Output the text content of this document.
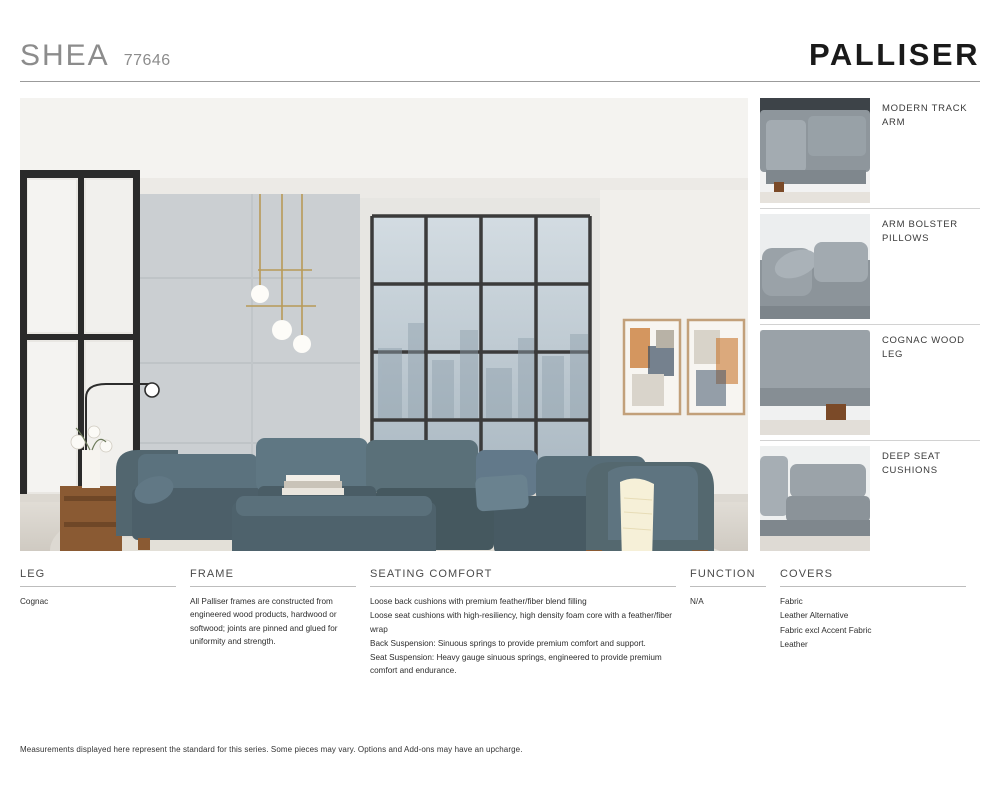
SHEA 77646	PALLISER
MODERN TRACK ARM
ARM BOLSTER PILLOWS
COGNAC WOOD LEG
DEEP SEAT CUSHIONS
LEG

Cognac

FRAME

All Palliser frames are constructed from engineered wood products, hardwood or softwood; joints are pinned and glued for uniformity and strength.

SEATING COMFORT

Loose back cushions with premium feather/fiber blend filling

Loose seat cushions with high-resiliency, high density foam core with a feather/fiber wrap

Back Suspension: Sinuous springs to provide premium comfort and support.

Seat Suspension: Heavy gauge sinuous springs, engineered to provide premium comfort and endurance.

FUNCTION

N/A

COVERS

Fabric

Leather Alternative

Fabric excl Accent Fabric

Leather

Measurements displayed here represent the standard for this series. Some pieces may vary. Options and Add-ons may have an upcharge.
